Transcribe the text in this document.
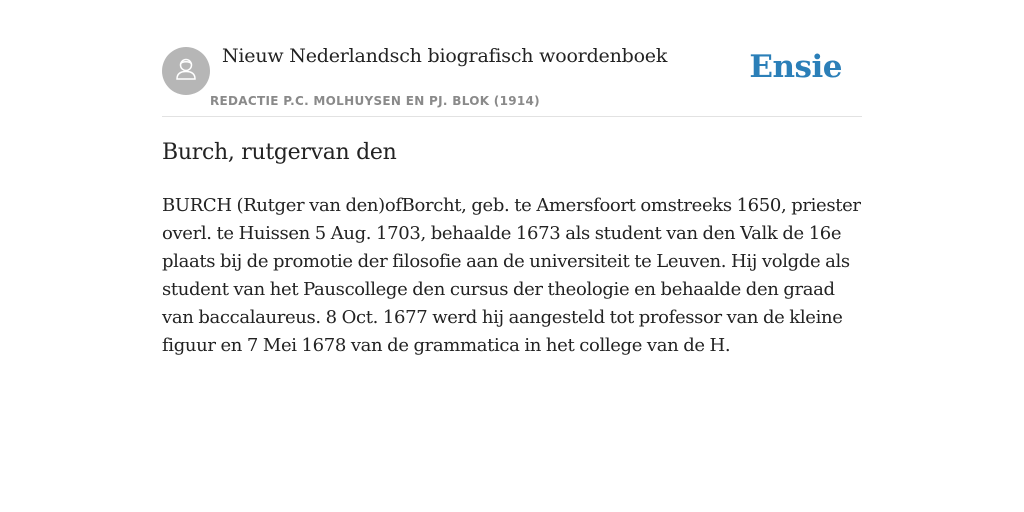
Nieuw Nederlandsch biografisch woordenboek
REDACTIE P.C. MOLHUYSEN EN PJ. BLOK (1914)
Ensie
Burch, rutgervan den

BURCH (Rutger van den)ofBorcht, geb. te Amersfoort omstreeks 1650, priester overl. te Huissen 5 Aug. 1703, behaalde 1673 als student van den Valk de 16e plaats bij de promotie der filosofie aan de universiteit te Leuven. Hij volgde als student van het Pauscollege den cursus der theologie en behaalde den graad van baccalaureus. 8 Oct. 1677 werd hij aangesteld tot professor van de kleine figuur en 7 Mei 1678 van de grammatica in het college van de H.
